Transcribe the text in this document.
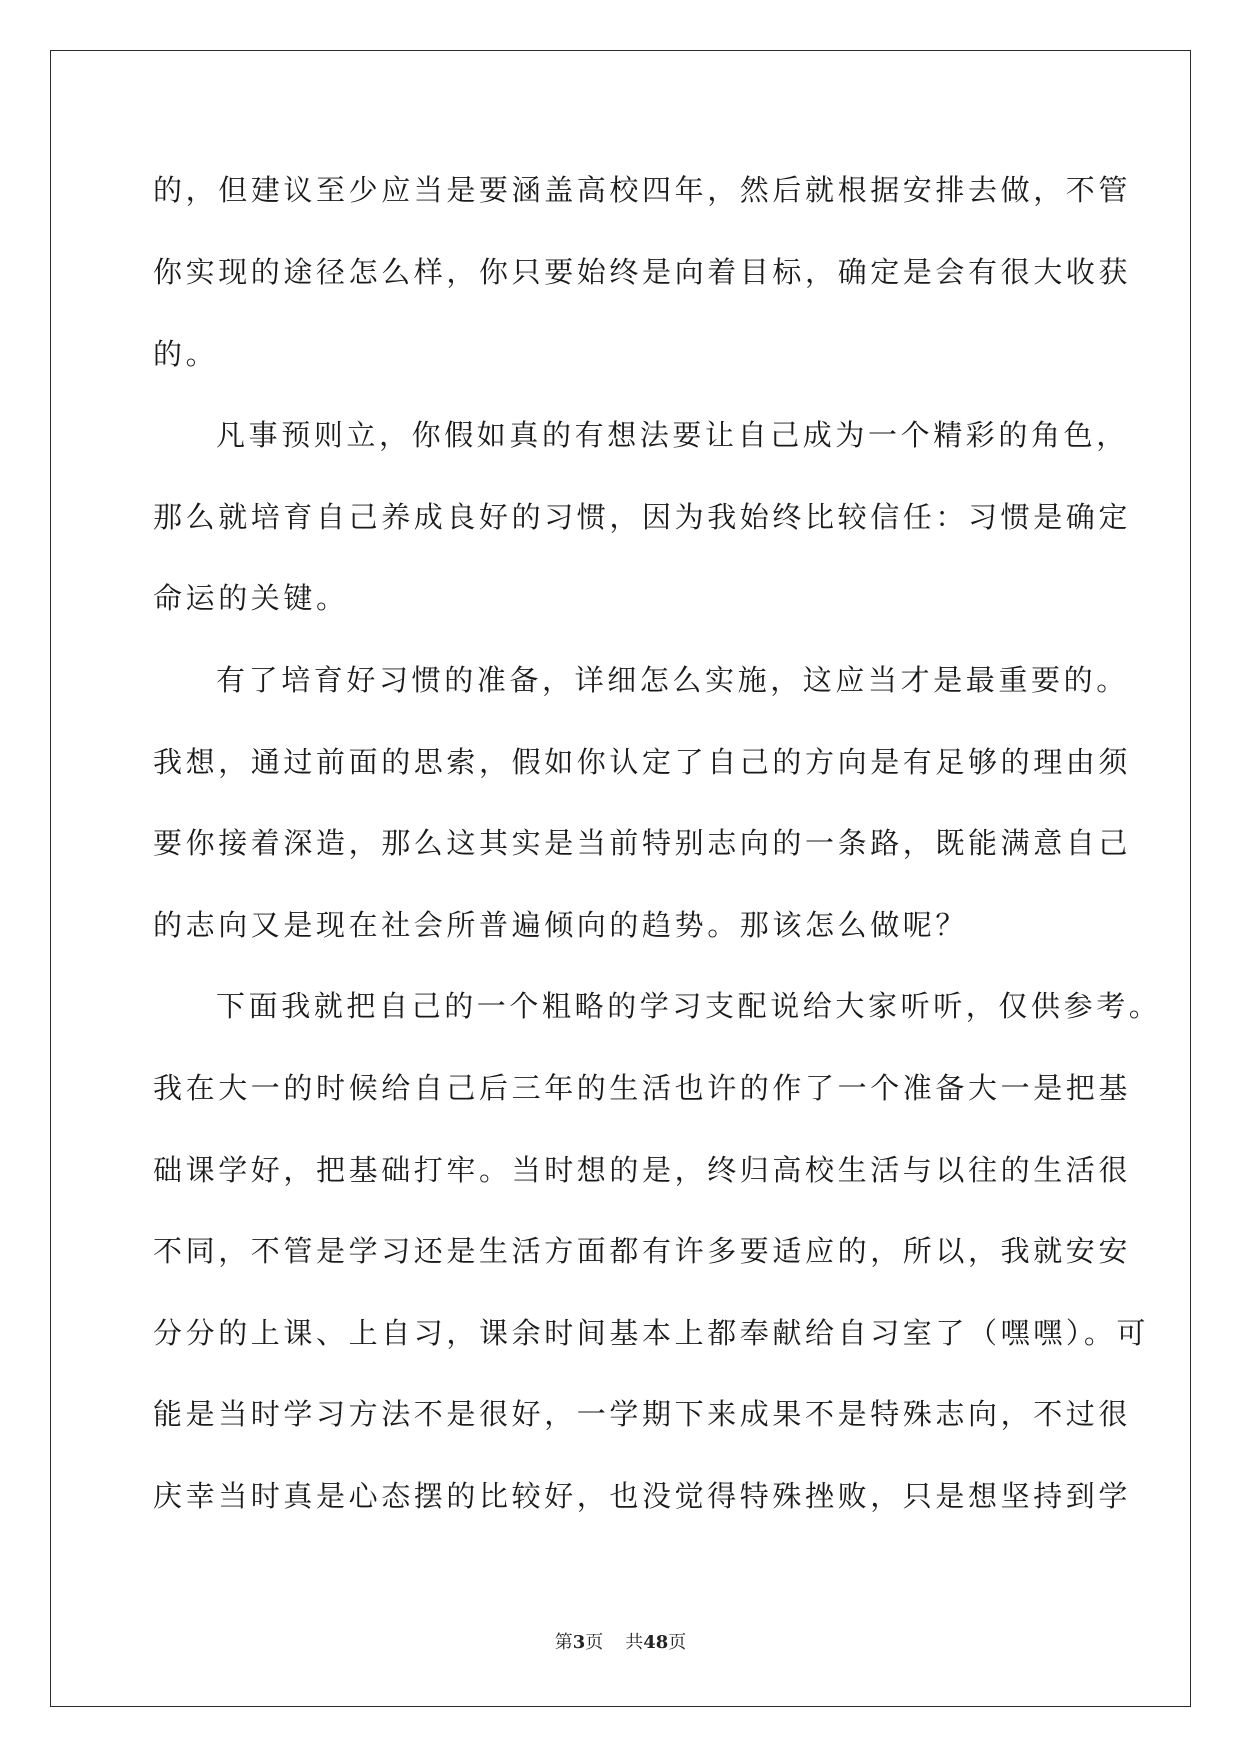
的，但建议至少应当是要涵盖高校四年，然后就根据安排去做，不管
你实现的途径怎么样，你只要始终是向着目标，确定是会有很大收获
的。
凡事预则立，你假如真的有想法要让自己成为一个精彩的角色，
那么就培育自己养成良好的习惯，因为我始终比较信任：习惯是确定
命运的关键。
有了培育好习惯的准备，详细怎么实施，这应当才是最重要的。
我想，通过前面的思索，假如你认定了自己的方向是有足够的理由须
要你接着深造，那么这其实是当前特别志向的一条路，既能满意自己
的志向又是现在社会所普遍倾向的趋势。那该怎么做呢？
下面我就把自己的一个粗略的学习支配说给大家听听，仅供参考。
我在大一的时候给自己后三年的生活也许的作了一个准备大一是把基
础课学好，把基础打牢。当时想的是，终归高校生活与以往的生活很
不同，不管是学习还是生活方面都有许多要适应的，所以，我就安安
分分的上课、上自习，课余时间基本上都奉献给自习室了（嘿嘿）。可
能是当时学习方法不是很好，一学期下来成果不是特殊志向，不过很
庆幸当时真是心态摆的比较好，也没觉得特殊挫败，只是想坚持到学
第3页 共48页
